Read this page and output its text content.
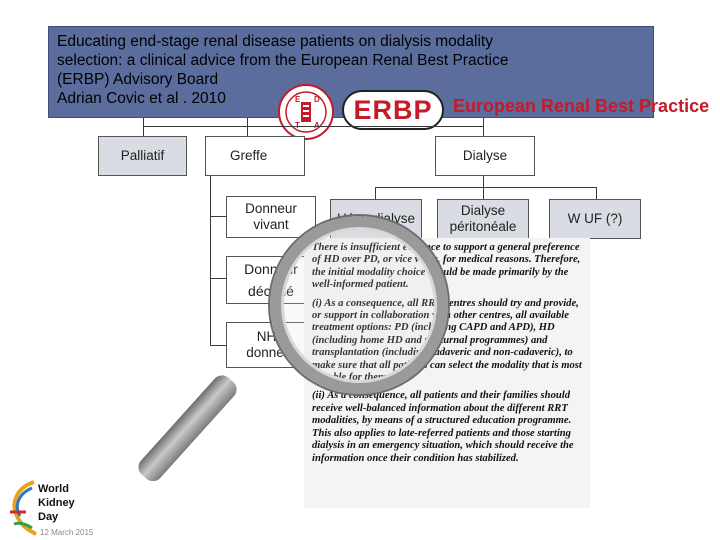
Educating end-stage renal disease patients on dialysis modality
selection: a clinical advice from the European Renal Best Practice
(ERBP) Advisory Board
Adrian Covic et al . 2010	E D	ERBP	European Renal Best Practice
Palliatif	Greffe	Dialyse
Donneur
vivant
Donneur
décédé
NHB
donneur
Hémodialyse
Dialyse
péritonéale
W UF (?)

There is insufficient evidence to support a general preference of HD over PD, or vice versa, for medical reasons. Therefore, the initial modality choice should be made primarily by the well-informed patient.

(i) As a consequence, all RRT centres should try and provide, or support in collaboration with other centres, all available treatment options: PD (including CAPD and APD), HD (including home HD and nocturnal programmes) and transplantation (including cadaveric and non-cadaveric), to make sure that all patients can select the modality that is most suitable for them.

(ii) As a consequence, all patients and their families should receive well-balanced information about the different RRT modalities, by means of a structured education programme. This also applies to late-referred patients and those starting dialysis in an emergency situation, which should receive the information once their condition has stabilized.

World
Kidney
Day
12 March 2015
